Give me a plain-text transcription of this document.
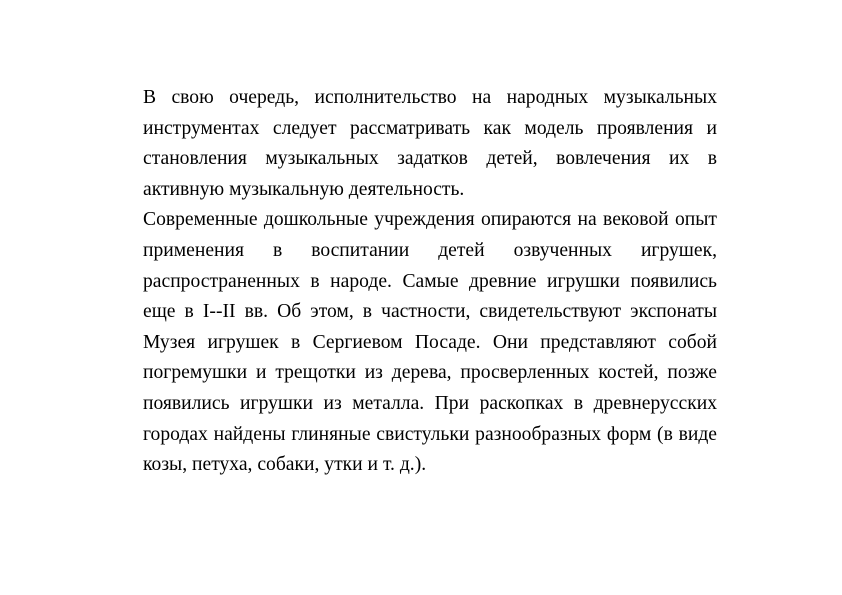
В свою очередь, исполнительство на народных музыкальных инструментах следует рассматривать как модель проявления и становления музыкальных задатков детей, вовлечения их в активную музыкальную деятельность.

Современные дошкольные учреждения опираются на вековой опыт применения в воспитании детей озвученных игрушек, распространенных в народе. Самые древние игрушки появились еще в I--II вв. Об этом, в частности, свидетельствуют экспонаты Музея игрушек в Сергиевом Посаде. Они представляют собой погремушки и трещотки из дерева, просверленных костей, позже появились игрушки из металла. При раскопках в древнерусских городах найдены глиняные свистульки разнообразных форм (в виде козы, петуха, собаки, утки и т. д.).
